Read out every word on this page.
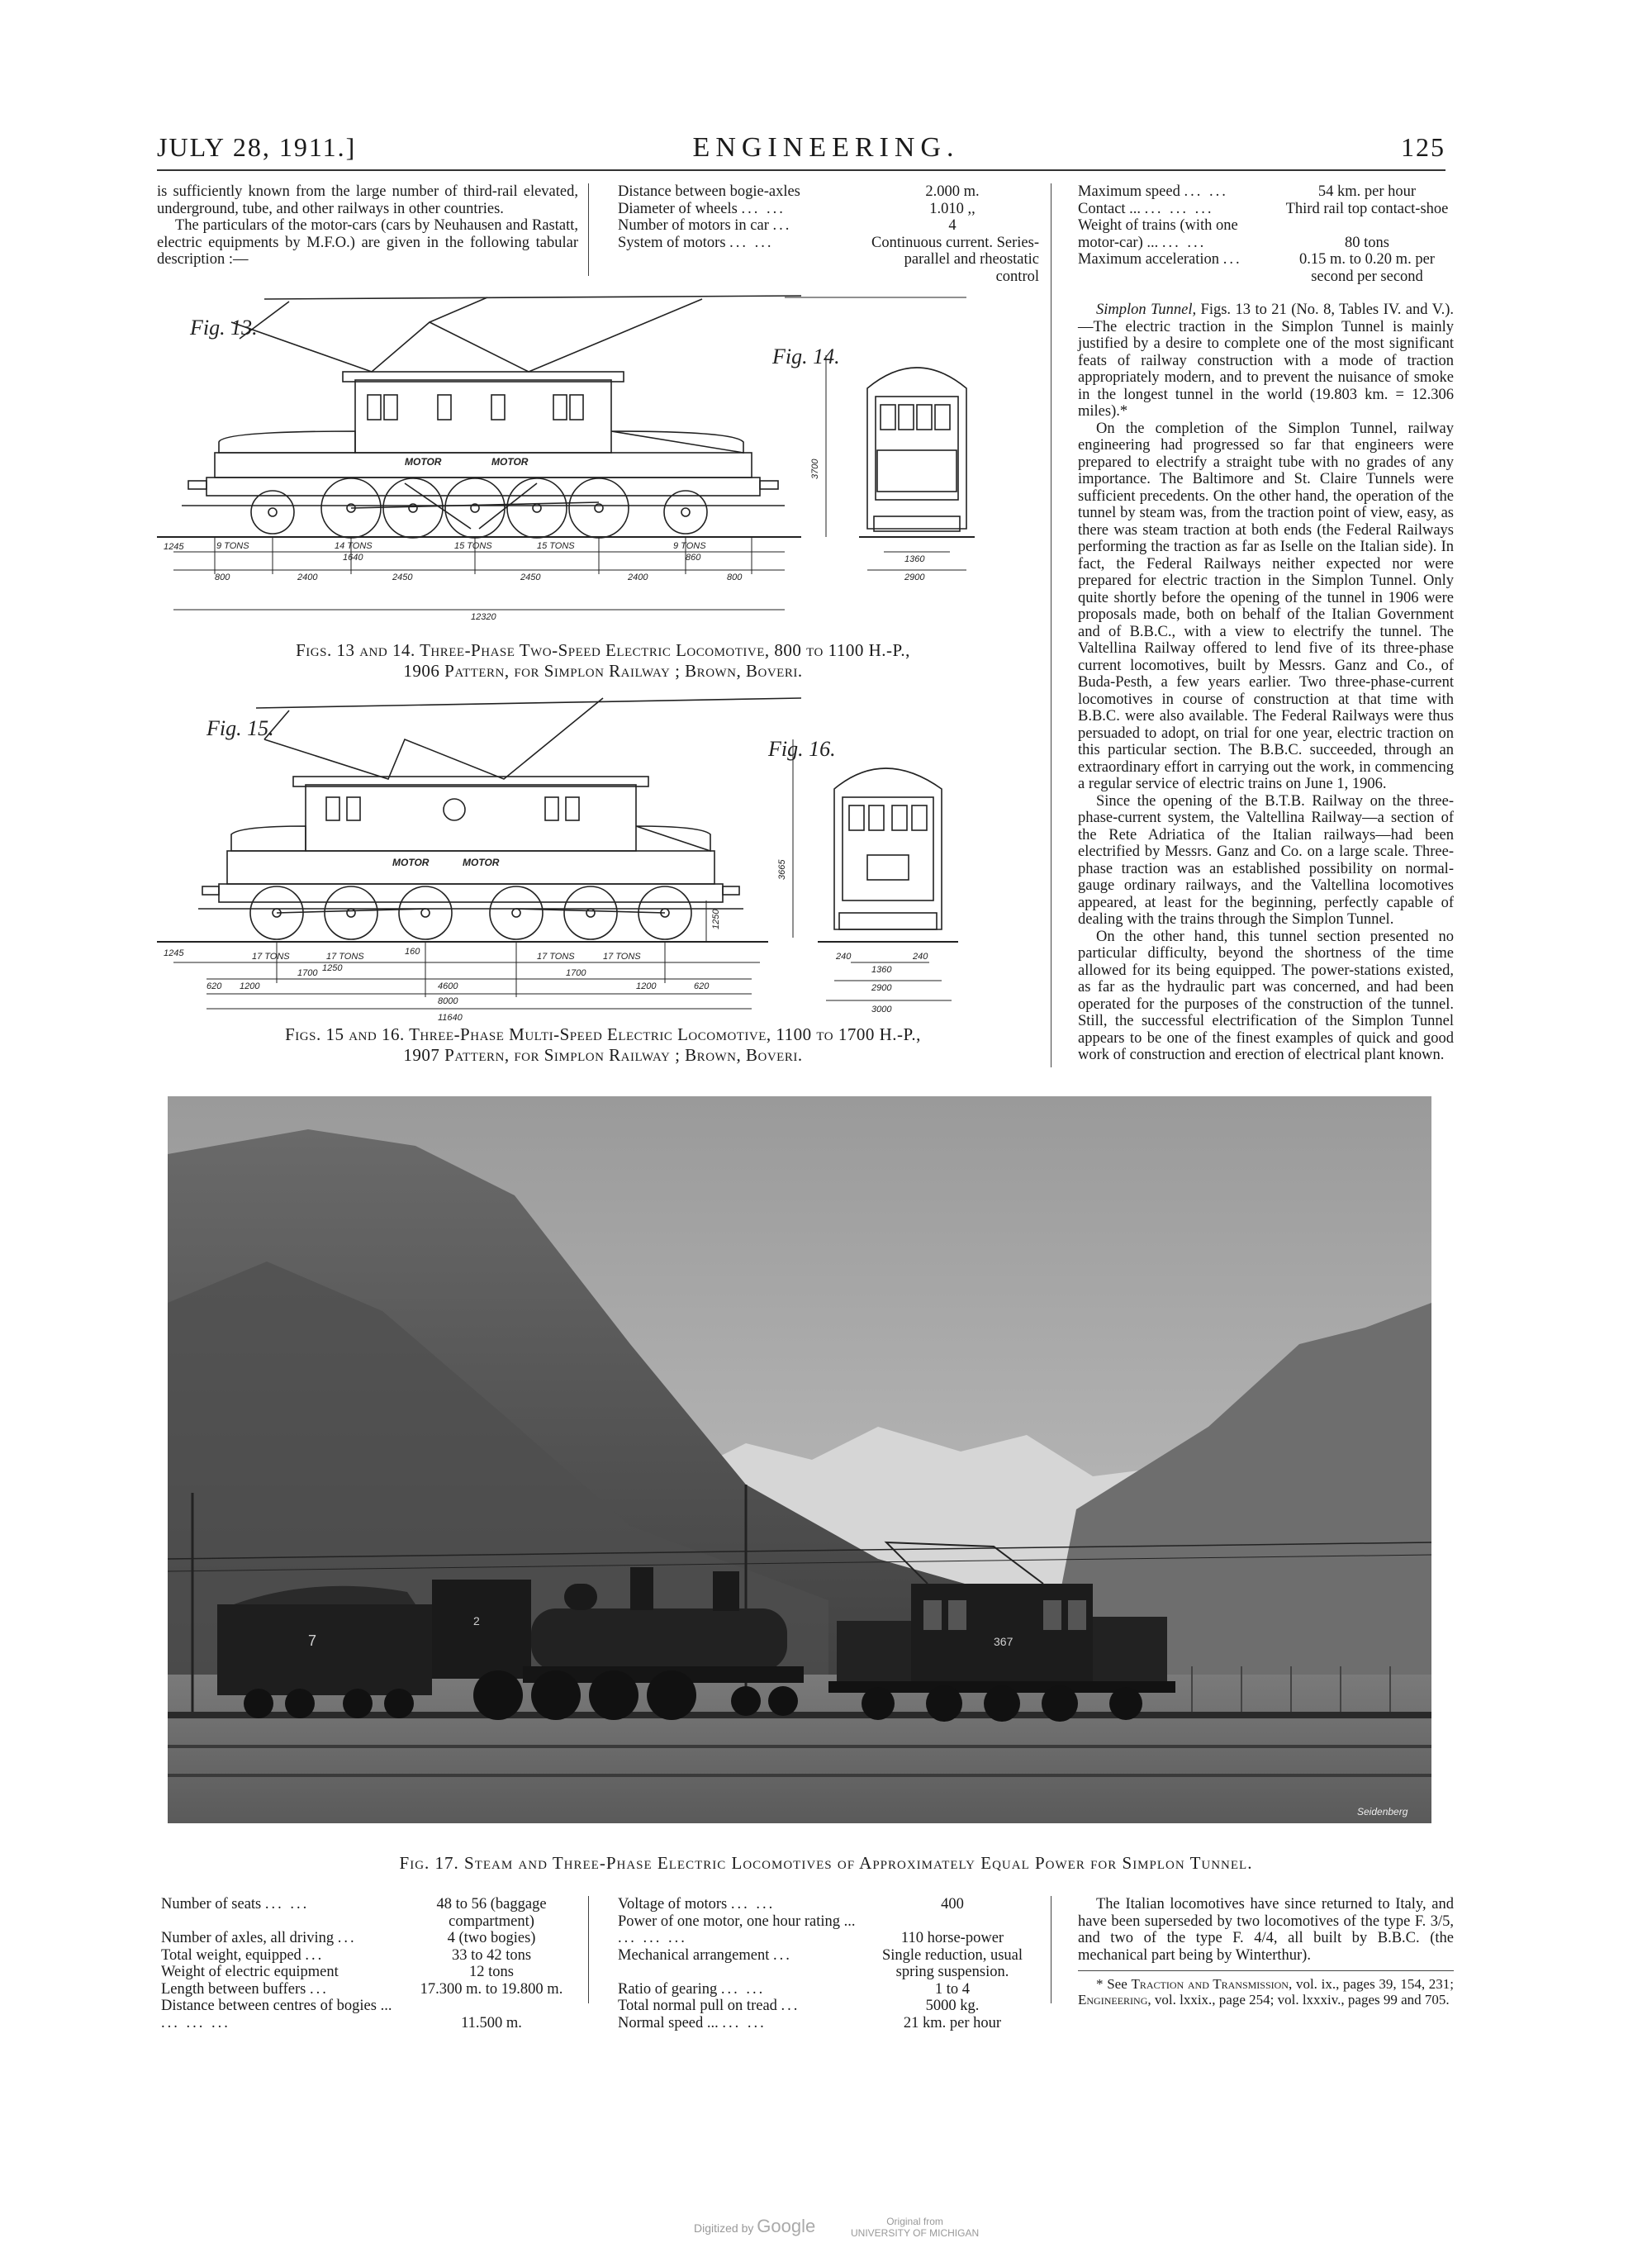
JULY 28, 1911.]	ENGINEERING.	125

is sufficiently known from the large number of third-rail elevated, underground, tube, and other railways in other countries.

The particulars of the motor-cars (cars by Neuhausen and Rastatt, electric equipments by M.F.O.) are given in the following tabular description :—

Distance between bogie-axles	2.000 m.
Diameter of wheels ... ...	1.010 ,,
Number of motors in car ...	4
System of motors ... ...	Continuous current. Series-parallel and rheostatic control
Maximum speed ... ...	54 km. per hour
Contact ... ... ... ...	Third rail top contact-shoe
Weight of trains (with one motor-car) ... ... ...	80 tons
Maximum acceleration ...	0.15 m. to 0.20 m. per second per second

Simplon Tunnel, Figs. 13 to 21 (No. 8, Tables IV. and V.).—The electric traction in the Simplon Tunnel is mainly justified by a desire to complete one of the most significant feats of railway construction with a mode of traction appropriately modern, and to prevent the nuisance of smoke in the longest tunnel in the world (19.803 km. = 12.306 miles).*

On the completion of the Simplon Tunnel, railway engineering had progressed so far that engineers were prepared to electrify a straight tube with no grades of any importance. The Baltimore and St. Claire Tunnels were sufficient precedents. On the other hand, the operation of the tunnel by steam was, from the traction point of view, easy, as there was steam traction at both ends (the Federal Railways performing the traction as far as Iselle on the Italian side). In fact, the Federal Railways neither expected nor were prepared for electric traction in the Simplon Tunnel. Only quite shortly before the opening of the tunnel in 1906 were proposals made, both on behalf of the Italian Government and of B.B.C., with a view to electrify the tunnel. The Valtellina Railway offered to lend five of its three-phase current locomotives, built by Messrs. Ganz and Co., of Buda-Pesth, a few years earlier. Two three-phase-current locomotives in course of construction at that time with B.B.C. were also available. The Federal Railways were thus persuaded to adopt, on trial for one year, electric traction on this particular section. The B.B.C. succeeded, through an extraordinary effort in carrying out the work, in commencing a regular service of electric trains on June 1, 1906.

Since the opening of the B.T.B. Railway on the three-phase-current system, the Valtellina Railway—a section of the Rete Adriatica of the Italian railways—had been electrified by Messrs. Ganz and Co. on a large scale. Three-phase traction was an established possibility on normal-gauge ordinary railways, and the Valtellina locomotives appeared, at least for the beginning, perfectly capable of dealing with the trains through the Simplon Tunnel.

On the other hand, this tunnel section presented no particular difficulty, beyond the shortness of the time allowed for its being equipped. The power-stations existed, as far as the hydraulic part was concerned, and had been operated for the purposes of the construction of the tunnel. Still, the successful electrification of the Simplon Tunnel appears to be one of the finest examples of quick and good work of construction and erection of electrical plant known.

Fig. 13.
Fig. 14.
MOTOR	MOTOR
1245	9 TONS	14 TONS
1640
15 TONS	15 TONS	9 TONS
860
800	2400	2450	2450	2400	800
12320
3700
1360
2900
Figs. 13 and 14. Three-Phase Two-Speed Electric Locomotive, 800 to 1100 H.-P.,
1906 Pattern, for Simplon Railway ; Brown, Boveri.
Fig. 15.
Fig. 16.
MOTOR	MOTOR
1245	160
17 TONS	17 TONS
1250
17 TONS	17 TONS
620 1200
1700
4600
1700
1200	620
8000
11640
1250
3665
240
1360
240
2900
3000
Figs. 15 and 16. Three-Phase Multi-Speed Electric Locomotive, 1100 to 1700 H.-P.,
1907 Pattern, for Simplon Railway ; Brown, Boveri.
7
2
367
Seidenberg
Fig. 17. Steam and Three-Phase Electric Locomotives of Approximately Equal Power for Simplon Tunnel.
Number of seats ... ...	48 to 56 (baggage compartment)
Number of axles, all driving ...	4 (two bogies)
Total weight, equipped ...	33 to 42 tons
Weight of electric equipment	12 tons
Length between buffers ...	17.300 m. to 19.800 m.
Distance between centres of bogies ... ... ... ...	11.500 m.
Voltage of motors ... ...	400
Power of one motor, one hour rating ... ... ... ...	110 horse-power
Mechanical arrangement ...	Single reduction, usual spring suspension.
Ratio of gearing ... ...	1 to 4
Total normal pull on tread ...	5000 kg.
Normal speed ... ... ...	21 km. per hour

The Italian locomotives have since returned to Italy, and have been superseded by two locomotives of the type F. 3/5, and two of the type F. 4/4, all built by B.B.C. (the mechanical part being by Winterthur).

* See Traction and Transmission, vol. ix., pages 39, 154, 231; Engineering, vol. lxxix., page 254; vol. lxxxiv., pages 99 and 705.

Digitized by Google	Original from
UNIVERSITY OF MICHIGAN
